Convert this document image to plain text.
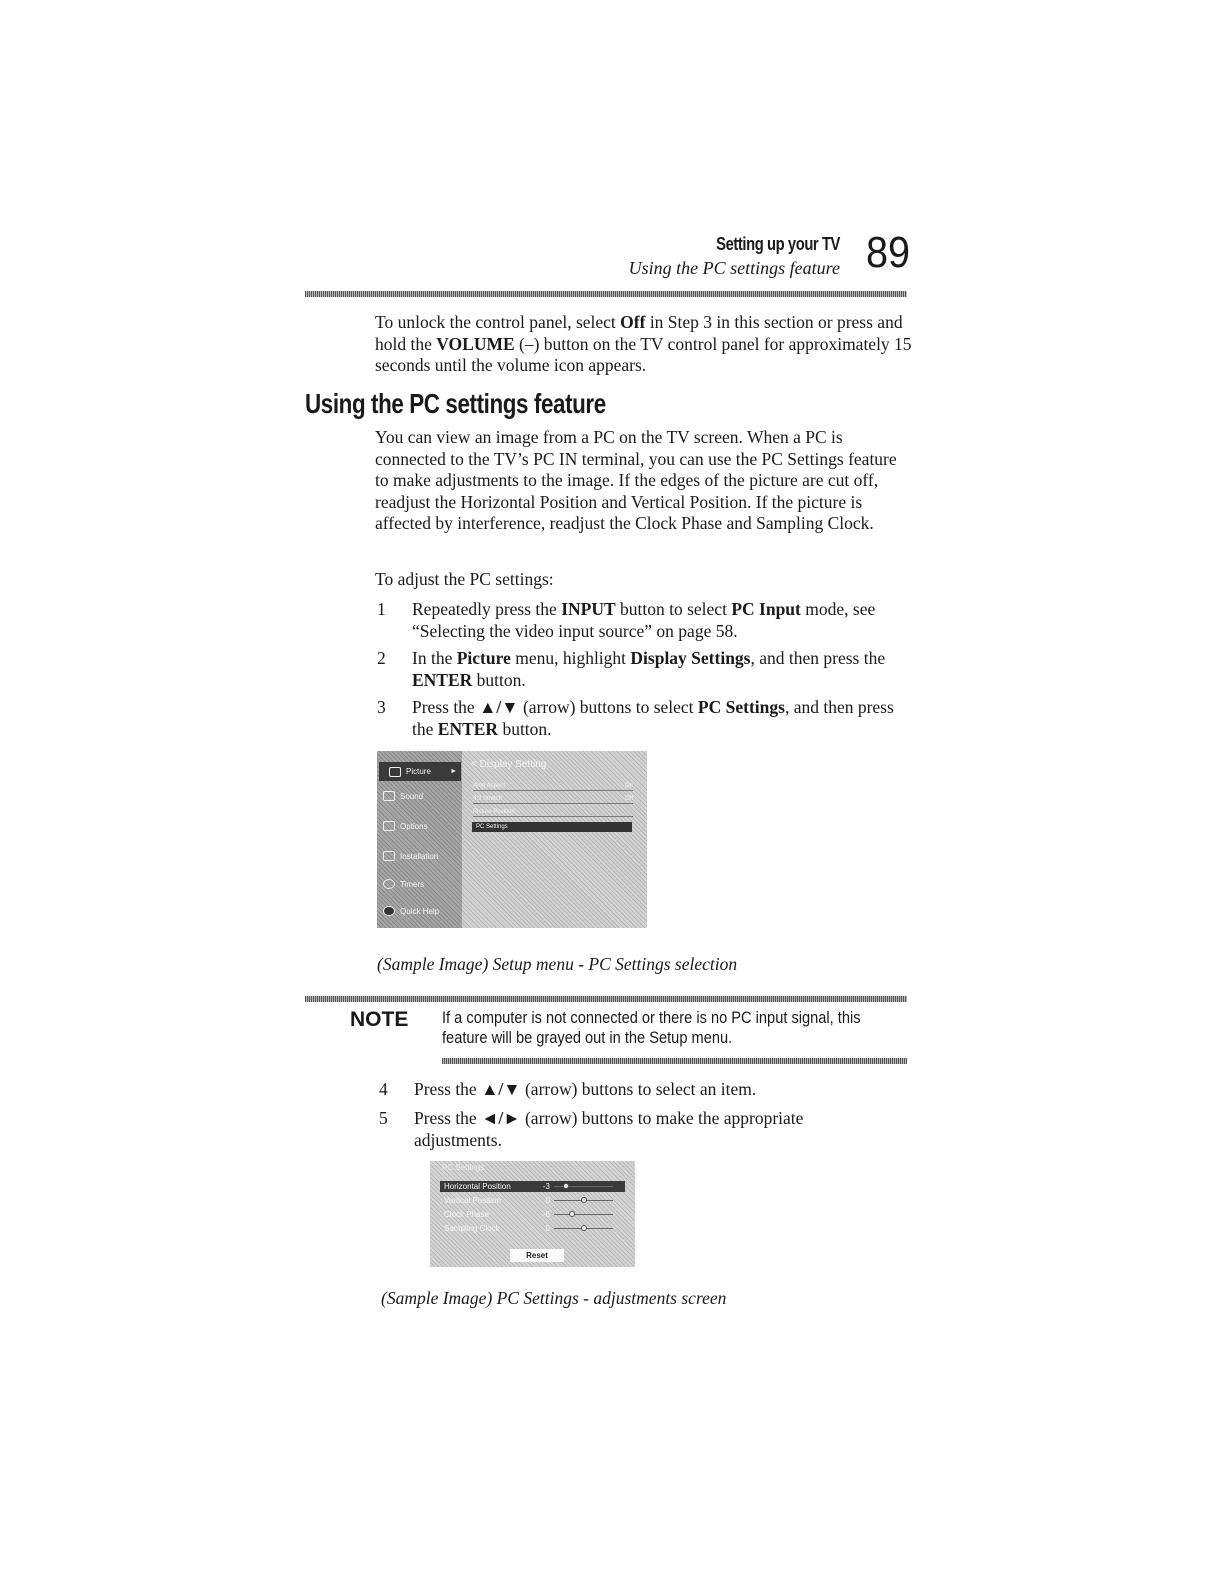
Setting up your TV
Using the PC settings feature 89
To unlock the control panel, select Off in Step 3 in this section or press and hold the VOLUME (–) button on the TV control panel for approximately 15 seconds until the volume icon appears.
Using the PC settings feature
You can view an image from a PC on the TV screen. When a PC is connected to the TV’s PC IN terminal, you can use the PC Settings feature to make adjustments to the image. If the edges of the picture are cut off, readjust the Horizontal Position and Vertical Position. If the picture is affected by interference, readjust the Clock Phase and Sampling Clock.
To adjust the PC settings:
1 Repeatedly press the INPUT button to select PC Input mode, see “Selecting the video input source” on page 58.
2 In the Picture menu, highlight Display Settings, and then press the ENTER button.
3 Press the ▲/▼ (arrow) buttons to select PC Settings, and then press the ENTER button.
Picture	►
Sound
Options
Installation
Timers
Quick Help
< Display Setting
Auto Aspect	On
4:3 Stretch	Off
Picture Position
PC Settings
(Sample Image) Setup menu - PC Settings selection
NOTE If a computer is not connected or there is no PC input signal, this feature will be grayed out in the Setup menu.
4 Press the ▲/▼ (arrow) buttons to select an item.
5 Press the ◄/► (arrow) buttons to make the appropriate adjustments.
PC Settings
Horizontal Position	-3
Vertical Position	0
Clock Phase	-6
Sampling Clock	0
Reset
(Sample Image) PC Settings - adjustments screen
